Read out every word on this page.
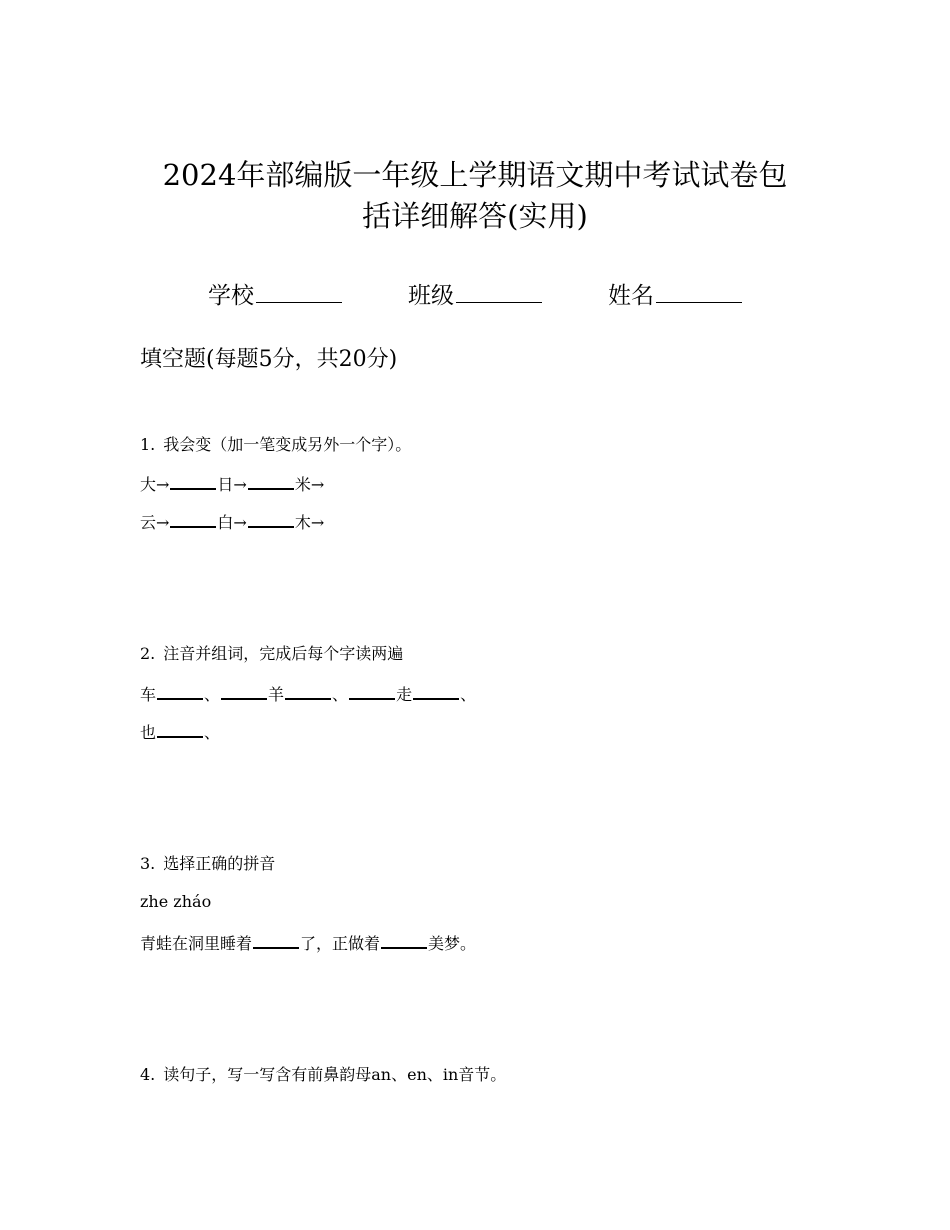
2024年部编版一年级上学期语文期中考试试卷包
括详细解答(实用)
学校	班级	姓名
填空题(每题5分，共20分)
1. 我会变（加一笔变成另外一个字）。
大→	日→	米→
云→	白→	木→
2. 注音并组词，完成后每个字读两遍
车	、	羊	、	走	、
也	、
3. 选择正确的拼音
zhe zháo
青蛙在洞里睡着	了，正做着	美梦。
4. 读句子，写一写含有前鼻韵母an、en、in音节。
